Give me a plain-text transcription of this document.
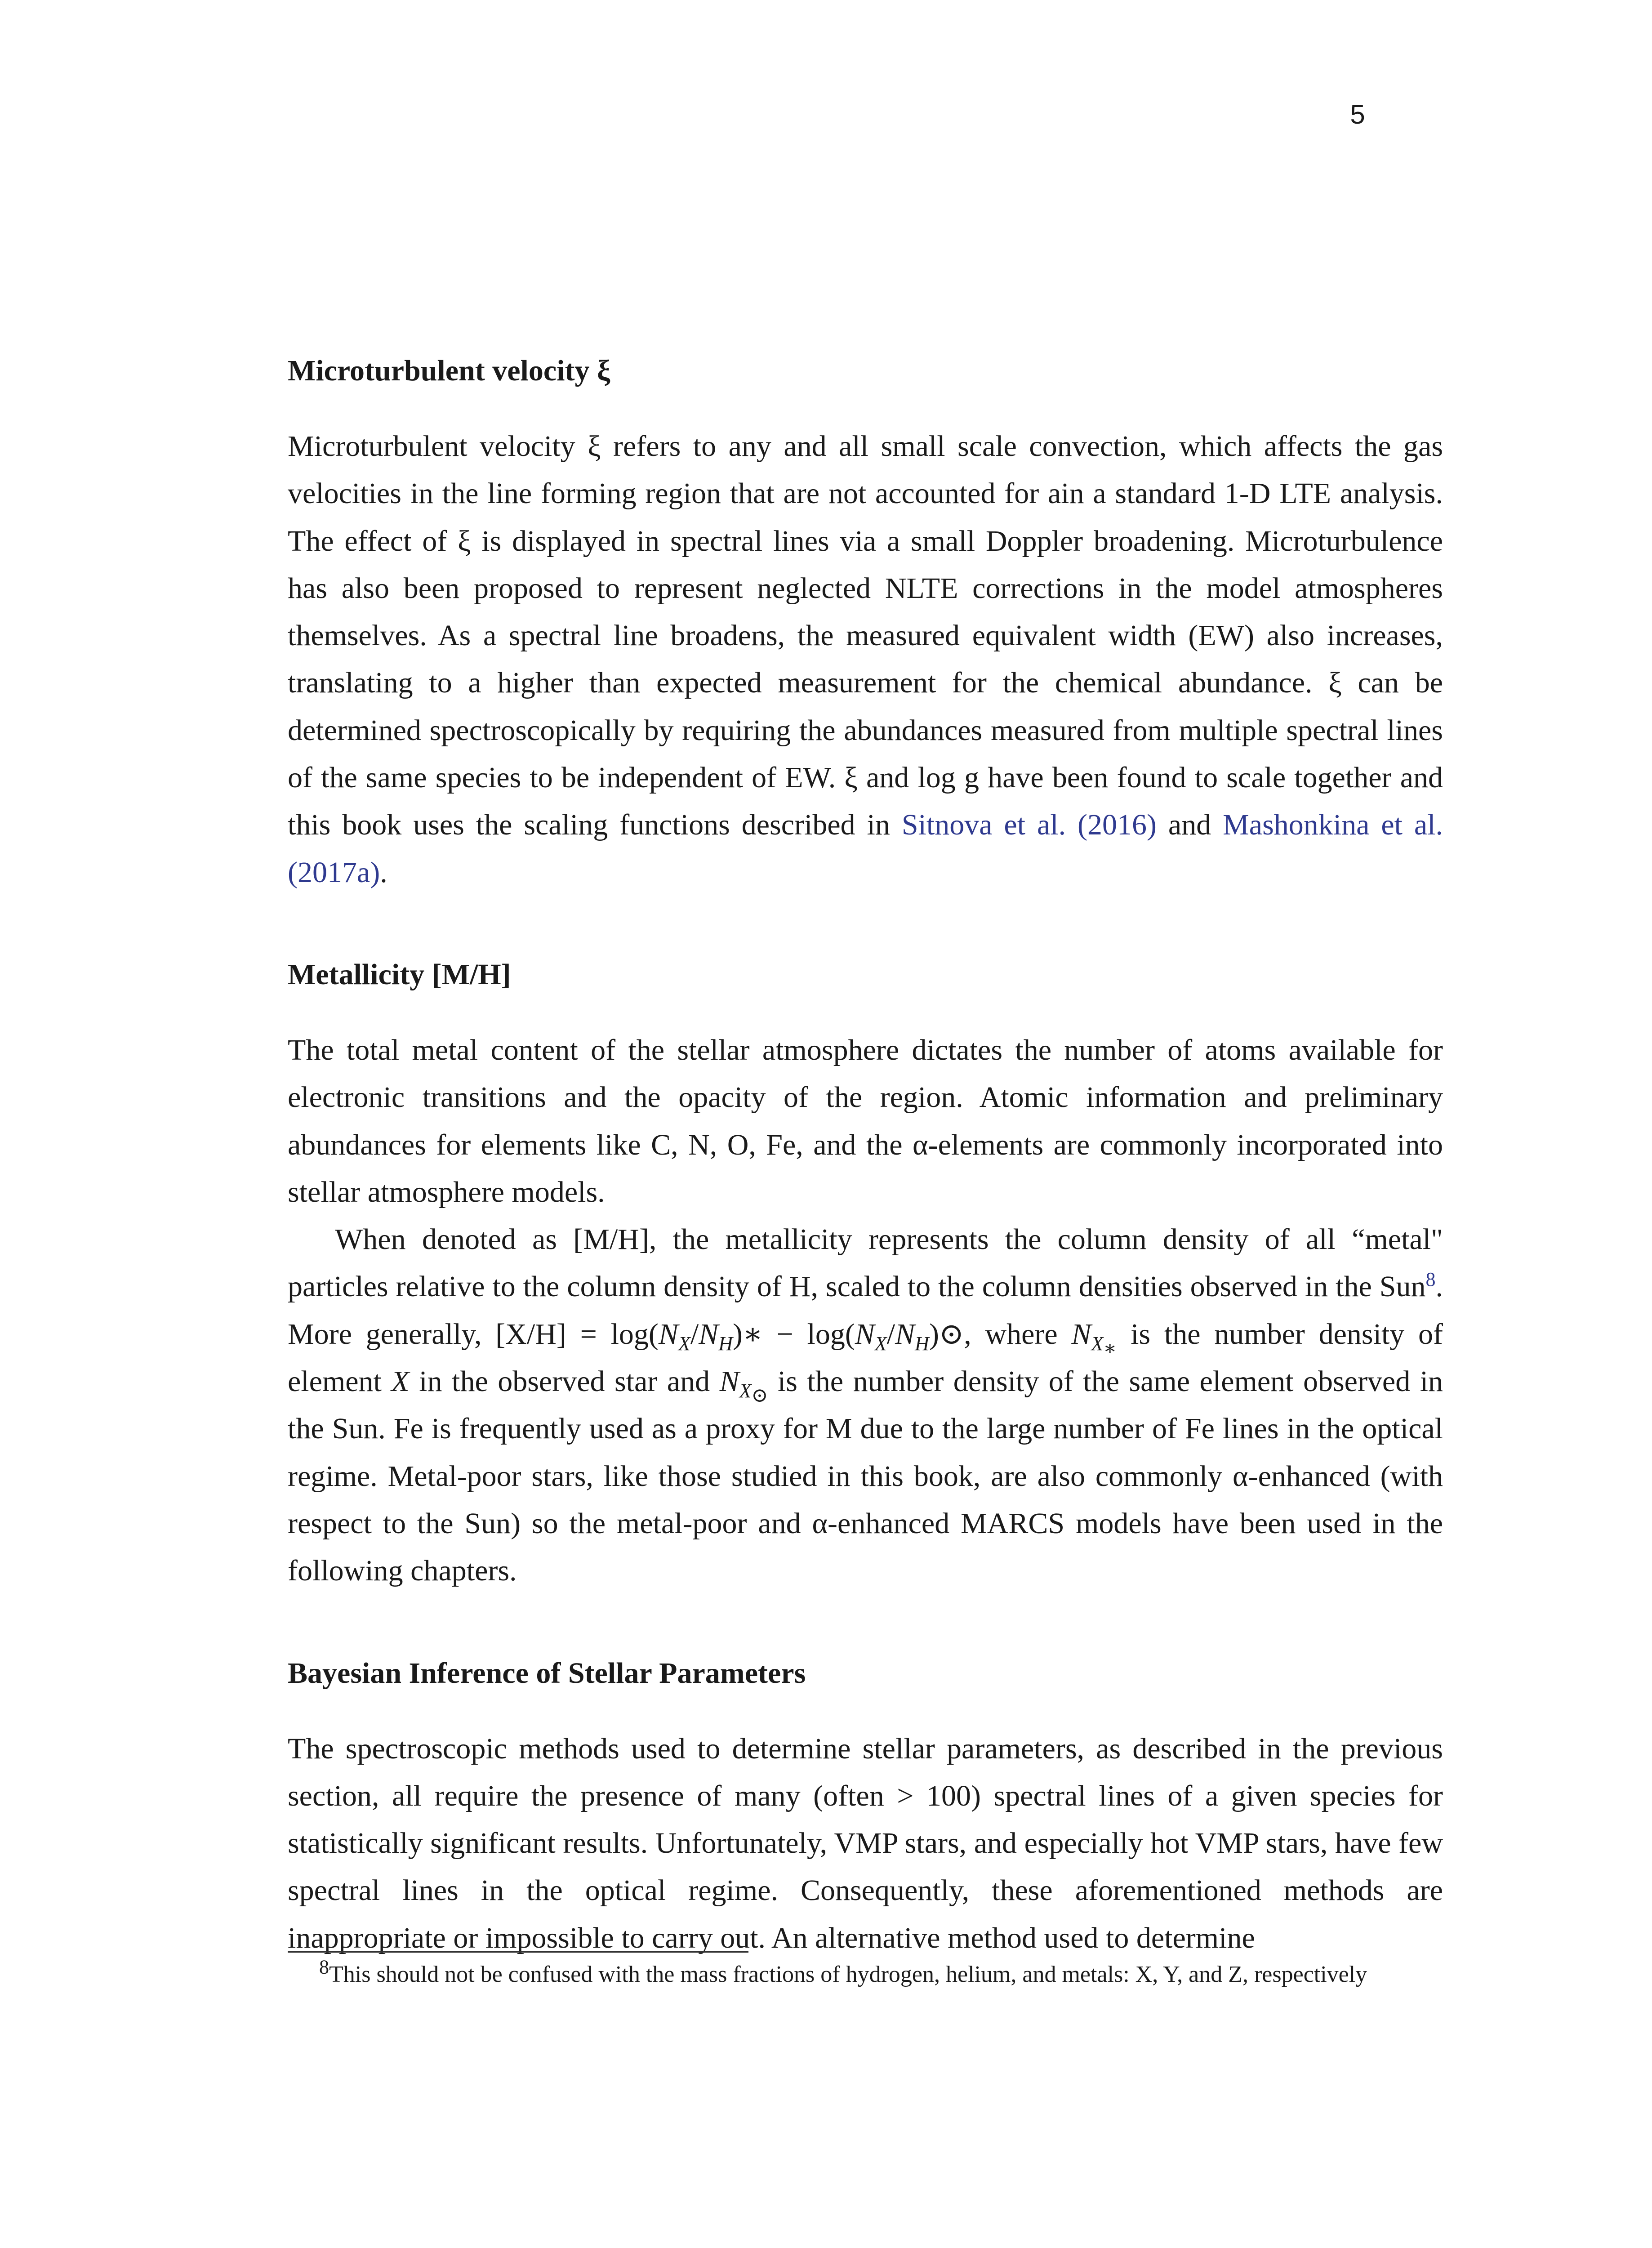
5
Microturbulent velocity ξ

Microturbulent velocity ξ refers to any and all small scale convection, which affects the gas velocities in the line forming region that are not accounted for ain a standard 1-D LTE analysis. The effect of ξ is displayed in spectral lines via a small Doppler broadening. Microturbulence has also been proposed to represent neglected NLTE corrections in the model atmospheres themselves. As a spectral line broadens, the measured equivalent width (EW) also increases, translating to a higher than expected measurement for the chemical abundance. ξ can be determined spectroscopically by requiring the abundances measured from multiple spectral lines of the same species to be independent of EW. ξ and log g have been found to scale together and this book uses the scaling functions described in Sitnova et al. (2016) and Mashonkina et al. (2017a).

Metallicity [M/H]

The total metal content of the stellar atmosphere dictates the number of atoms available for electronic transitions and the opacity of the region. Atomic information and preliminary abundances for elements like C, N, O, Fe, and the α-elements are commonly incorporated into stellar atmosphere models.

When denoted as [M/H], the metallicity represents the column density of all “metal" particles relative to the column density of H, scaled to the column densities observed in the Sun$^8$. More generally, $[X/H] = \log(N_X/N_H)∗$ − $\log(N_X/N_H)⊙$, where $N_{X_∗}$ is the number density of element X in the observed star and $N_{X_⊙}$ is the number density of the same element observed in the Sun. Fe is frequently used as a proxy for M due to the large number of Fe lines in the optical regime. Metal-poor stars, like those studied in this book, are also commonly α-enhanced (with respect to the Sun) so the metal-poor and α-enhanced MARCS models have been used in the following chapters.

Bayesian Inference of Stellar Parameters

The spectroscopic methods used to determine stellar parameters, as described in the previous section, all require the presence of many (often > 100) spectral lines of a given species for statistically significant results. Unfortunately, VMP stars, and especially hot VMP stars, have few spectral lines in the optical regime. Consequently, these aforementioned methods are inappropriate or impossible to carry out. An alternative method used to determine

$^8$This should not be confused with the mass fractions of hydrogen, helium, and metals: X, Y, and Z, respectively
